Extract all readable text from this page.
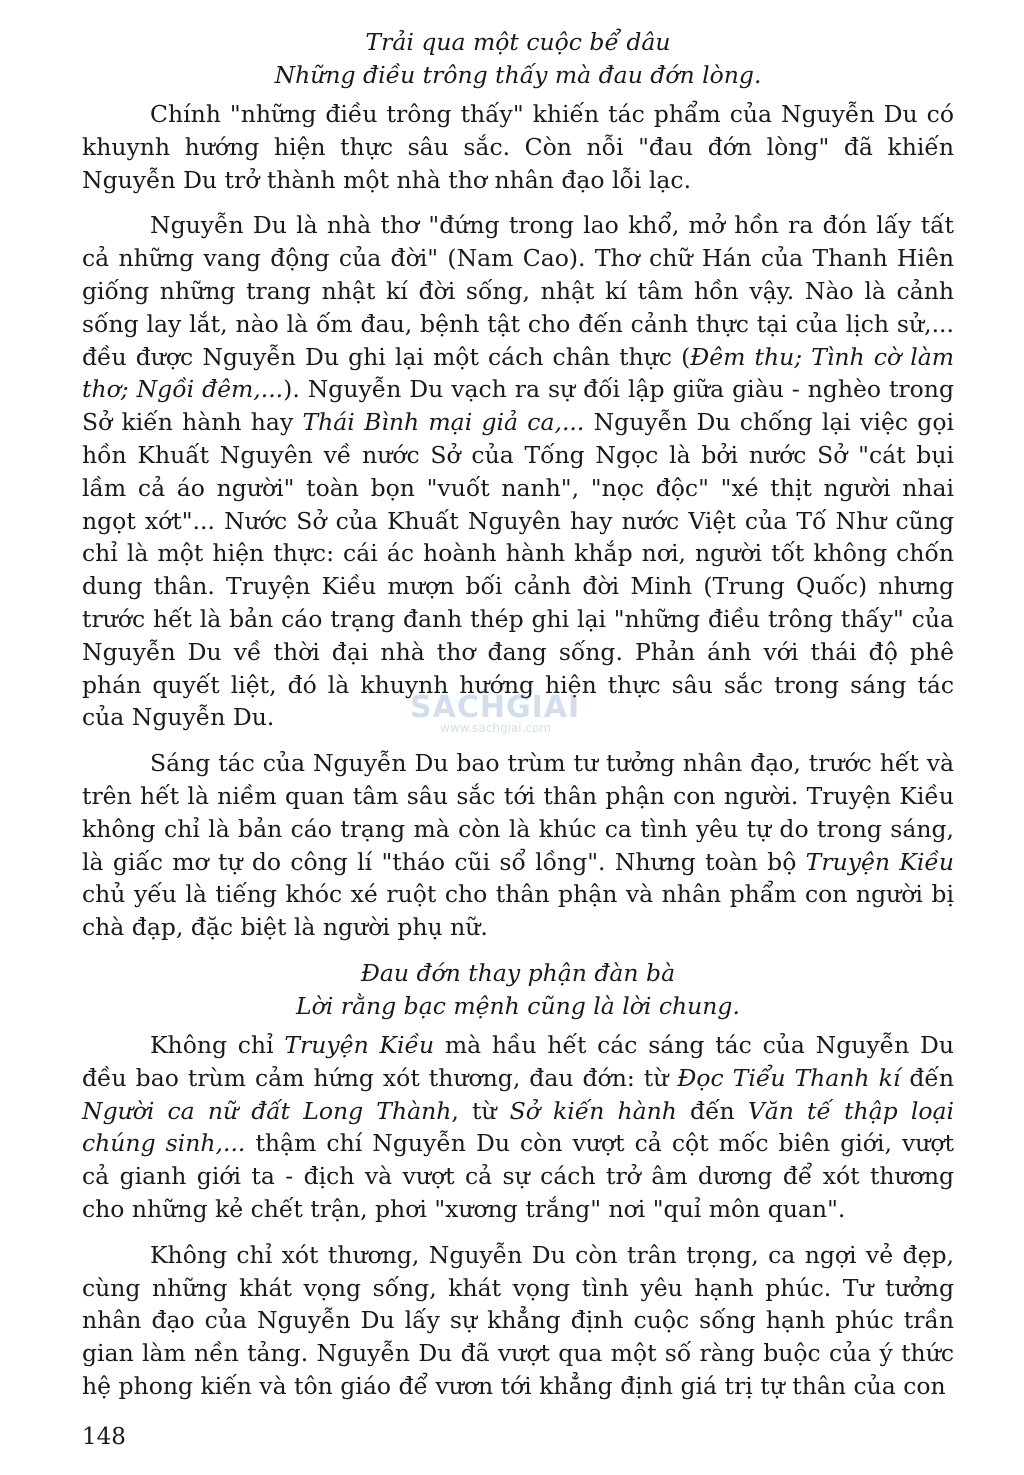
Trải qua một cuộc bể dâu

Những điều trông thấy mà đau đớn lòng.

Chính "những điều trông thấy" khiến tác phẩm của Nguyễn Du có khuynh hướng hiện thực sâu sắc. Còn nỗi "đau đớn lòng" đã khiến Nguyễn Du trở thành một nhà thơ nhân đạo lỗi lạc.

Nguyễn Du là nhà thơ "đứng trong lao khổ, mở hồn ra đón lấy tất cả những vang động của đời" (Nam Cao). Thơ chữ Hán của Thanh Hiên giống những trang nhật kí đời sống, nhật kí tâm hồn vậy. Nào là cảnh sống lay lắt, nào là ốm đau, bệnh tật cho đến cảnh thực tại của lịch sử,... đều được Nguyễn Du ghi lại một cách chân thực (Đêm thu; Tình cờ làm thơ; Ngồi đêm,...). Nguyễn Du vạch ra sự đối lập giữa giàu - nghèo trong Sở kiến hành hay Thái Bình mại giả ca,... Nguyễn Du chống lại việc gọi hồn Khuất Nguyên về nước Sở của Tống Ngọc là bởi nước Sở "cát bụi lầm cả áo người" toàn bọn "vuốt nanh", "nọc độc" "xé thịt người nhai ngọt xớt"... Nước Sở của Khuất Nguyên hay nước Việt của Tố Như cũng chỉ là một hiện thực: cái ác hoành hành khắp nơi, người tốt không chốn dung thân. Truyện Kiều mượn bối cảnh đời Minh (Trung Quốc) nhưng trước hết là bản cáo trạng đanh thép ghi lại "những điều trông thấy" của Nguyễn Du về thời đại nhà thơ đang sống. Phản ánh với thái độ phê phán quyết liệt, đó là khuynh hướng hiện thực sâu sắc trong sáng tác của Nguyễn Du.

Sáng tác của Nguyễn Du bao trùm tư tưởng nhân đạo, trước hết và trên hết là niềm quan tâm sâu sắc tới thân phận con người. Truyện Kiều không chỉ là bản cáo trạng mà còn là khúc ca tình yêu tự do trong sáng, là giấc mơ tự do công lí "tháo cũi sổ lồng". Nhưng toàn bộ Truyện Kiều chủ yếu là tiếng khóc xé ruột cho thân phận và nhân phẩm con người bị chà đạp, đặc biệt là người phụ nữ.

Đau đớn thay phận đàn bà

Lời rằng bạc mệnh cũng là lời chung.

Không chỉ Truyện Kiều mà hầu hết các sáng tác của Nguyễn Du đều bao trùm cảm hứng xót thương, đau đớn: từ Đọc Tiểu Thanh kí đến Người ca nữ đất Long Thành, từ Sở kiến hành đến Văn tế thập loại chúng sinh,... thậm chí Nguyễn Du còn vượt cả cột mốc biên giới, vượt cả gianh giới ta - địch và vượt cả sự cách trở âm dương để xót thương cho những kẻ chết trận, phơi "xương trắng" nơi "quỉ môn quan".

Không chỉ xót thương, Nguyễn Du còn trân trọng, ca ngợi vẻ đẹp, cùng những khát vọng sống, khát vọng tình yêu hạnh phúc. Tư tưởng nhân đạo của Nguyễn Du lấy sự khẳng định cuộc sống hạnh phúc trần gian làm nền tảng. Nguyễn Du đã vượt qua một số ràng buộc của ý thức hệ phong kiến và tôn giáo để vươn tới khẳng định giá trị tự thân của con

SACHGIAI
www.sachgiai.com
148
